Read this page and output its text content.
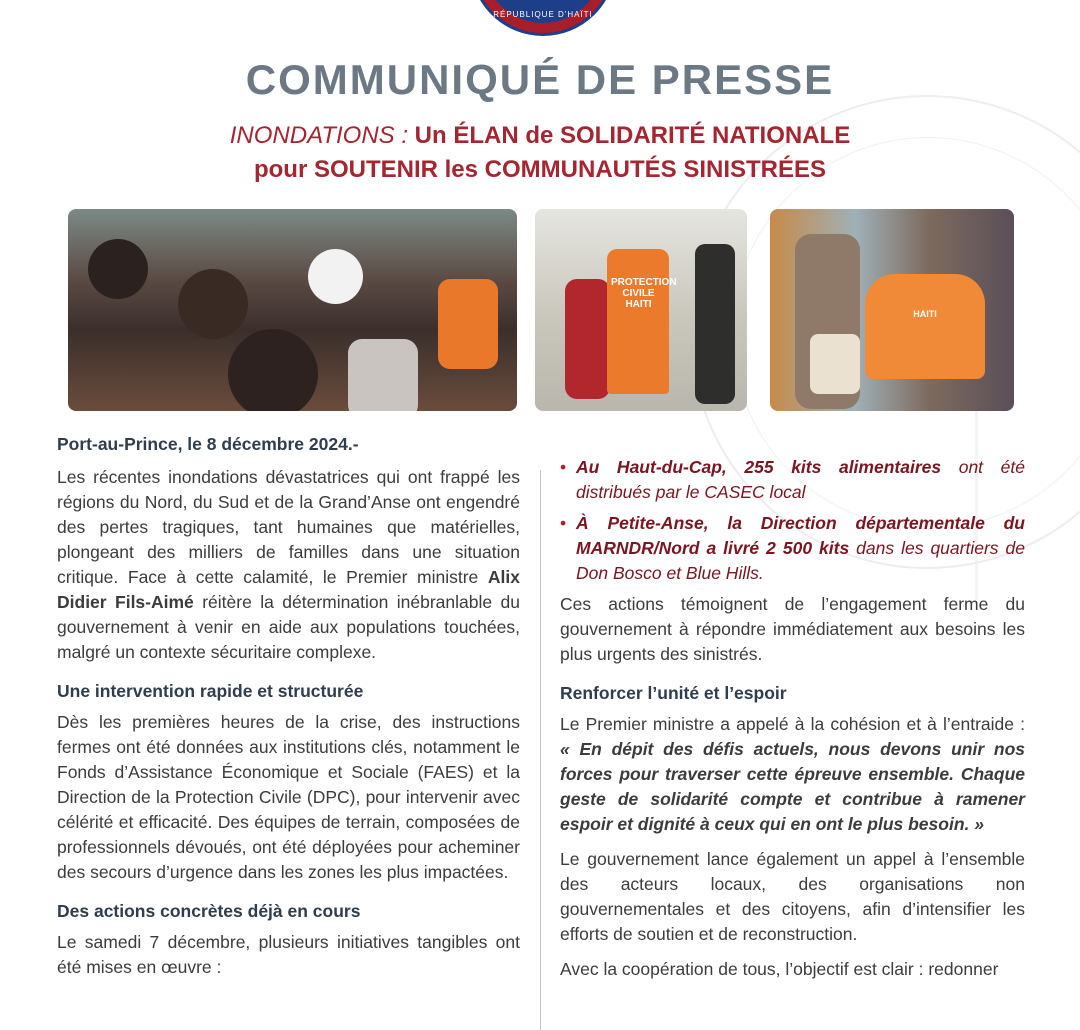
RÉPUBLIQUE D'HAÏTI
COMMUNIQUÉ DE PRESSE
INONDATIONS : Un ÉLAN de SOLIDARITÉ NATIONALE
pour SOUTENIR les COMMUNAUTÉS SINISTRÉES
PROTECTION CIVILE HAITI
HAITI

Port-au-Prince, le 8 décembre 2024.-

Les récentes inondations dévastatrices qui ont frappé les régions du Nord, du Sud et de la Grand’Anse ont engendré des pertes tragiques, tant humaines que matérielles, plongeant des milliers de familles dans une situation critique. Face à cette calamité, le Premier ministre Alix Didier Fils-Aimé réitère la détermination inébranlable du gouvernement à venir en aide aux populations touchées, malgré un contexte sécuritaire complexe.

Une intervention rapide et structurée

Dès les premières heures de la crise, des instructions fermes ont été données aux institutions clés, notamment le Fonds d’Assistance Économique et Sociale (FAES) et la Direction de la Protection Civile (DPC), pour intervenir avec célérité et efficacité. Des équipes de terrain, composées de professionnels dévoués, ont été déployées pour acheminer des secours d’urgence dans les zones les plus impactées.

Des actions concrètes déjà en cours

Le samedi 7 décembre, plusieurs initiatives tangibles ont été mises en œuvre :

• Au Haut-du-Cap, 255 kits alimentaires ont été distribués par le CASEC local

• À Petite-Anse, la Direction départementale du MARNDR/Nord a livré 2 500 kits dans les quartiers de Don Bosco et Blue Hills.

Ces actions témoignent de l’engagement ferme du gouvernement à répondre immédiatement aux besoins les plus urgents des sinistrés.

Renforcer l’unité et l’espoir

Le Premier ministre a appelé à la cohésion et à l’entraide : « En dépit des défis actuels, nous devons unir nos forces pour traverser cette épreuve ensemble. Chaque geste de solidarité compte et contribue à ramener espoir et dignité à ceux qui en ont le plus besoin. »

Le gouvernement lance également un appel à l’ensemble des acteurs locaux, des organisations non gouvernementales et des citoyens, afin d’intensifier les efforts de soutien et de reconstruction.

Avec la coopération de tous, l’objectif est clair : redonner
